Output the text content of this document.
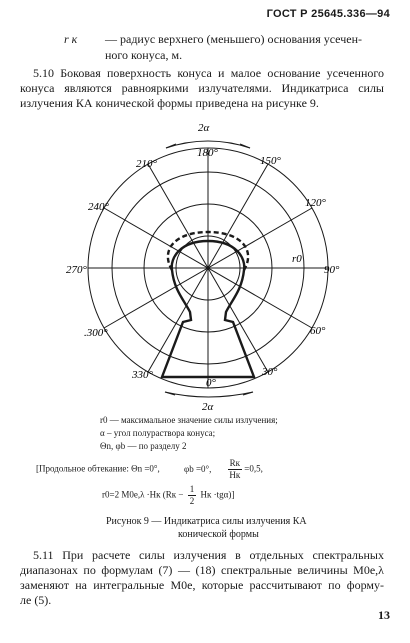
ГОСТ Р 25645.336—94
r к — радиус верхнего (меньшего) основания усечен-
ного конуса, м.
5.10 Боковая поверхность конуса и малое основание усеченного
конуса являются равнояркими излучателями. Индикатриса силы
излучения КА конической формы приведена на рисунке 9.
2α
2α
r0
180°
150°
120°
90°
60°
30°
0°
330°
.300°
270°
240°
210°
r0 — максимальное значение силы излучения;
α – угол полураствора конуса;
Θn, φb — по разделу 2
[Продольное обтекание: Θn =0°,	φb =0°,
Rк
Hк
=0,5,
r0=2 M0e,λ ·Hк ($Rк - \frac{1}{2}$ Hк ·tgα)]
Рисунок 9 — Индикатриса силы излучения КА
конической формы
5.11 При расчете силы излучения в отдельных спектральных
диапазонах по формулам (7) — (18) спектральные величины M0e,λ
заменяют на интегральные M0e, которые рассчитывают по форму-
ле (5).
13
